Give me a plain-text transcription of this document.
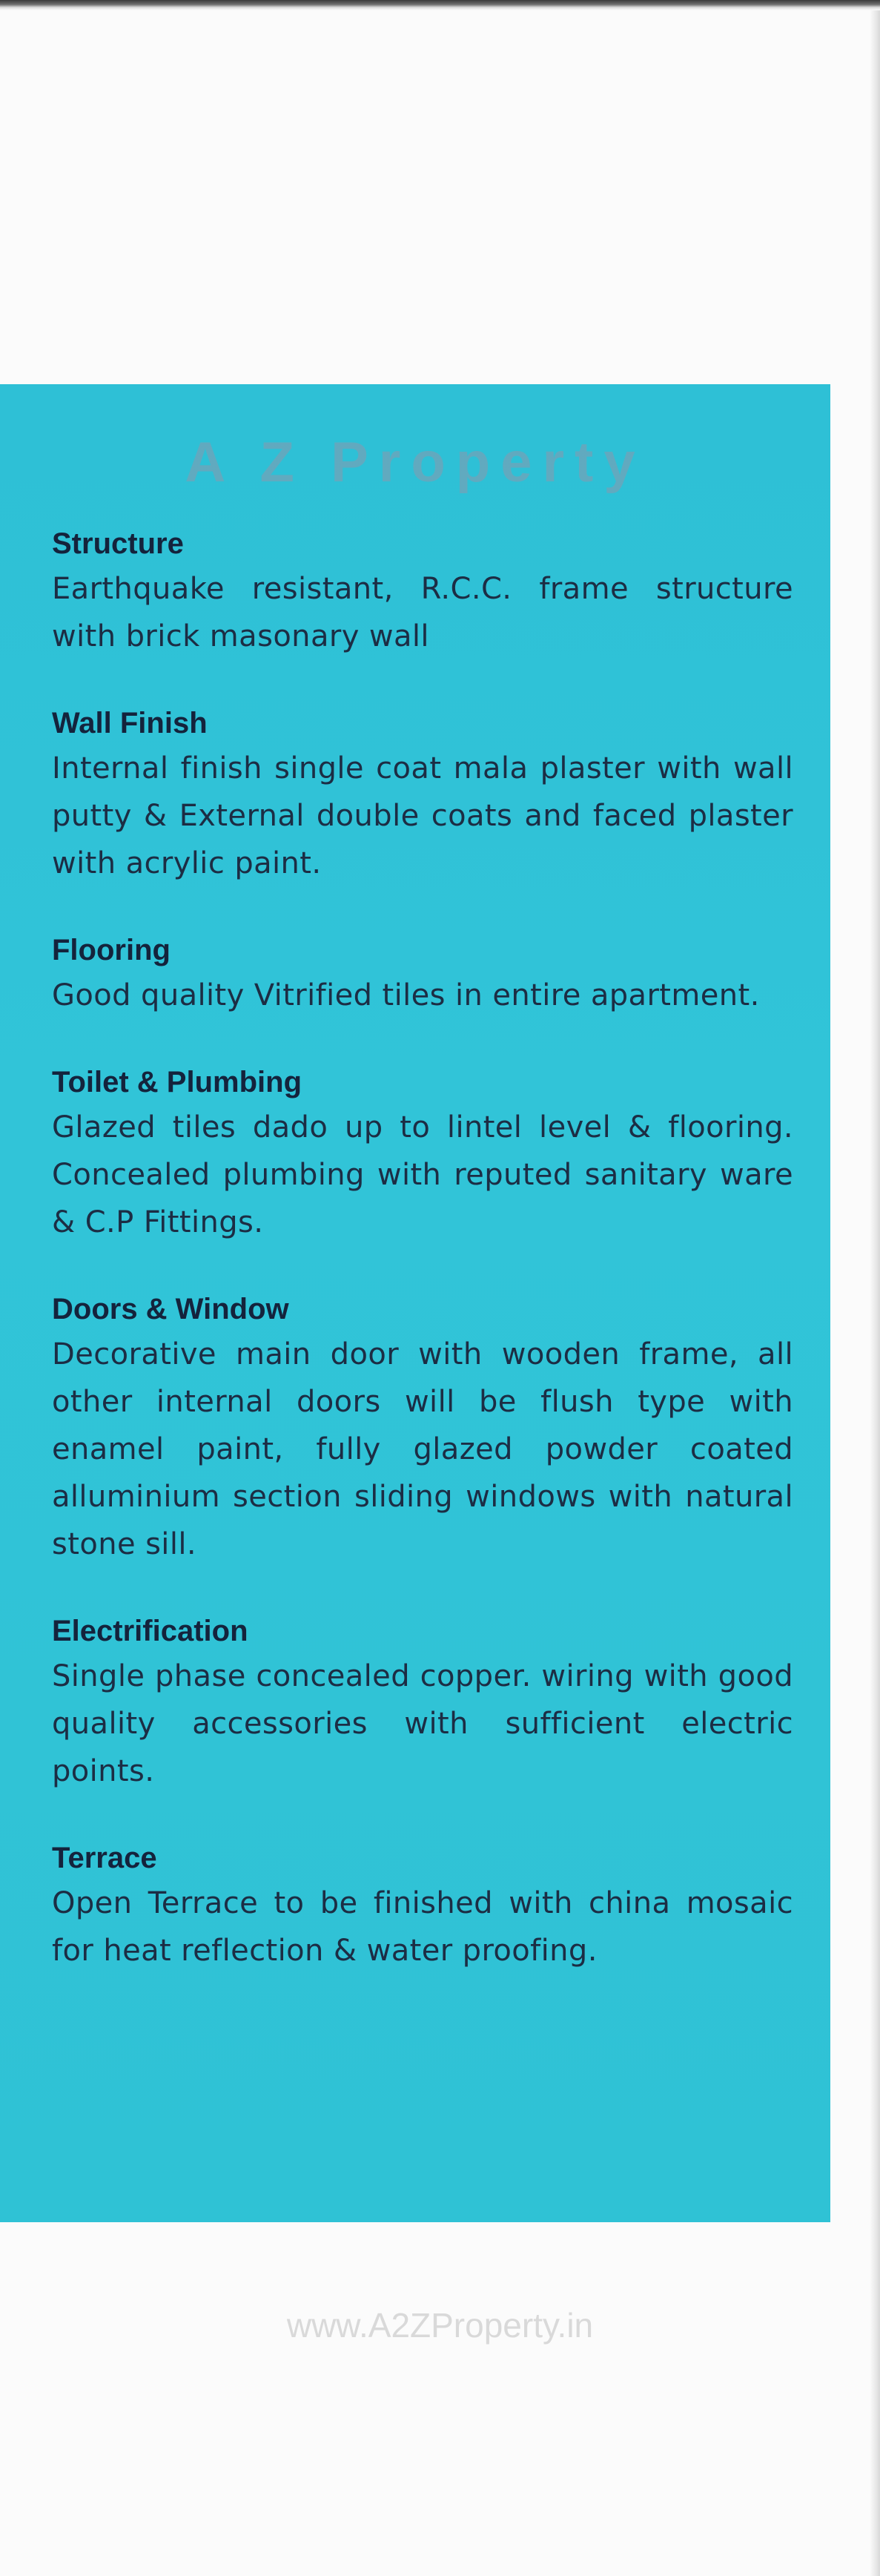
A Z Property
Structure

Earthquake resistant, R.C.C. frame structure with brick masonary wall

Wall Finish

Internal finish single coat mala plaster with wall putty & External double coats and faced plaster with acrylic paint.

Flooring

Good quality Vitrified tiles in entire apartment.

Toilet & Plumbing

Glazed tiles dado up to lintel level & flooring. Concealed plumbing with reputed sanitary ware & C.P Fittings.

Doors & Window

Decorative main door with wooden frame, all other internal doors will be flush type with enamel paint, fully glazed powder coated alluminium section sliding windows with natural stone sill.

Electrification

Single phase concealed copper. wiring with good quality accessories with sufficient electric points.

Terrace

Open Terrace to be finished with china mosaic for heat reflection & water proofing.

www.A2ZProperty.in
